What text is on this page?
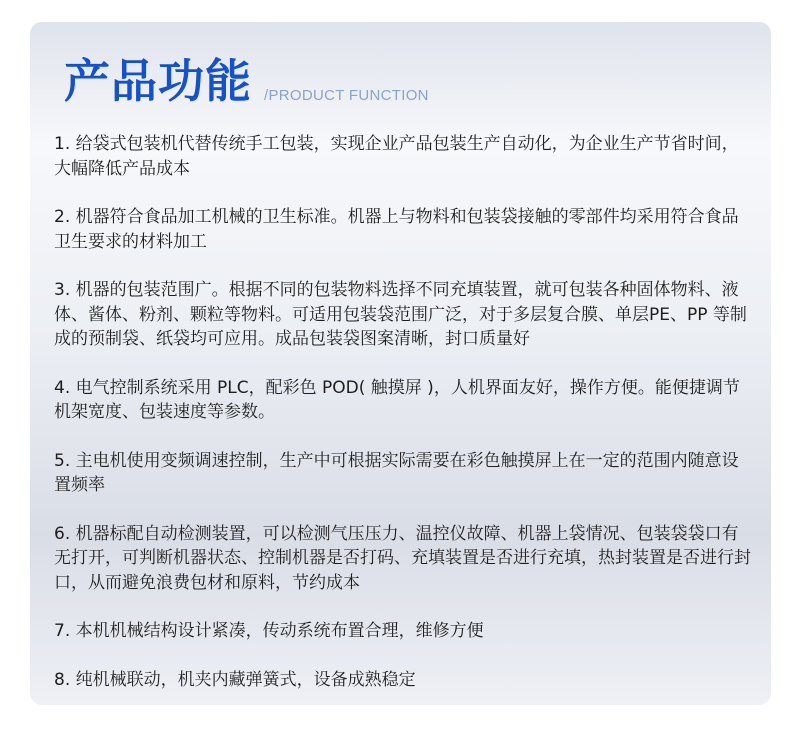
产品功能 /PRODUCT FUNCTION

1. 给袋式包装机代替传统手工包装，实现企业产品包装生产自动化，为企业生产节省时间，大幅降低产品成本

2. 机器符合食品加工机械的卫生标准。机器上与物料和包装袋接触的零部件均采用符合食品卫生要求的材料加工

3. 机器的包装范围广。根据不同的包装物料选择不同充填装置，就可包装各种固体物料、液体、酱体、粉剂、颗粒等物料。可适用包装袋范围广泛，对于多层复合膜、单层PE、PP 等制成的预制袋、纸袋均可应用。成品包装袋图案清晰，封口质量好

4. 电气控制系统采用 PLC，配彩色 POD( 触摸屏 )，人机界面友好，操作方便。能便捷调节机架宽度、包装速度等参数。

5. 主电机使用变频调速控制，生产中可根据实际需要在彩色触摸屏上在一定的范围内随意设置频率

6. 机器标配自动检测装置，可以检测气压压力、温控仪故障、机器上袋情况、包装袋袋口有无打开，可判断机器状态、控制机器是否打码、充填装置是否进行充填，热封装置是否进行封口，从而避免浪费包材和原料，节约成本

7. 本机机械结构设计紧凑，传动系统布置合理，维修方便

8. 纯机械联动，机夹内藏弹簧式，设备成熟稳定
